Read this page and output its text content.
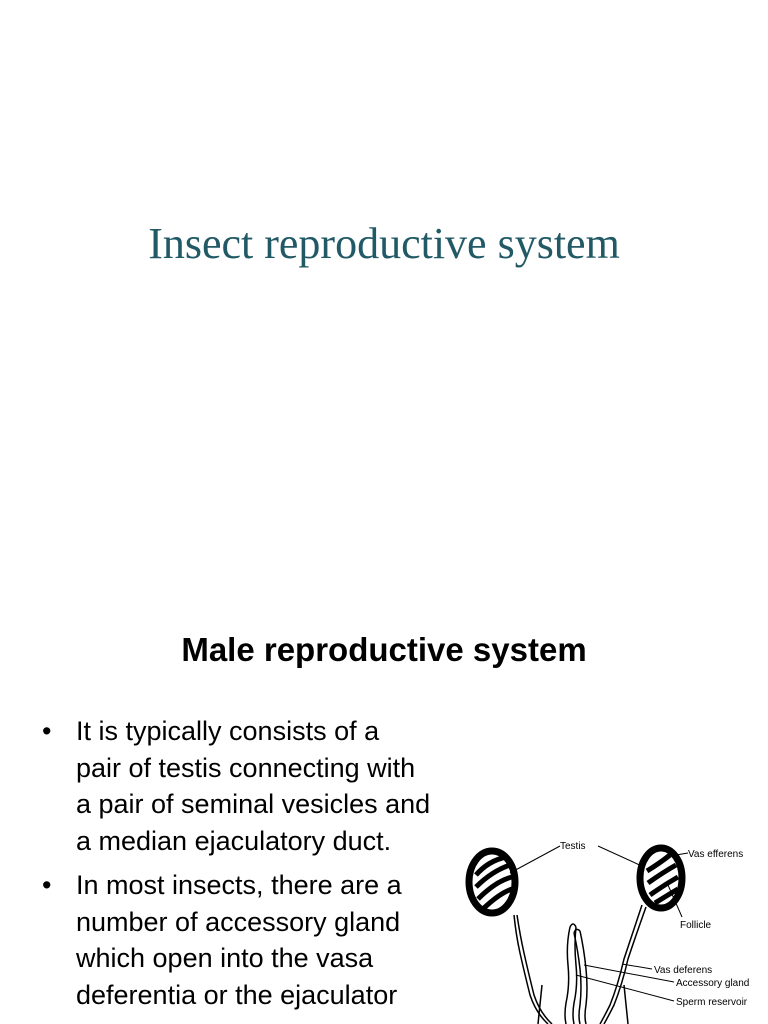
Insect reproductive system
Male reproductive system
• It is typically consists of a
pair of testis connecting with
a pair of seminal vesicles and
a median ejaculatory duct.
• In most insects, there are a
number of accessory gland
which open into the vasa
deferentia or the ejaculator
Testis
Vas efferens
Follicle
Vas deferens
Accessory gland
Sperm reservoir
